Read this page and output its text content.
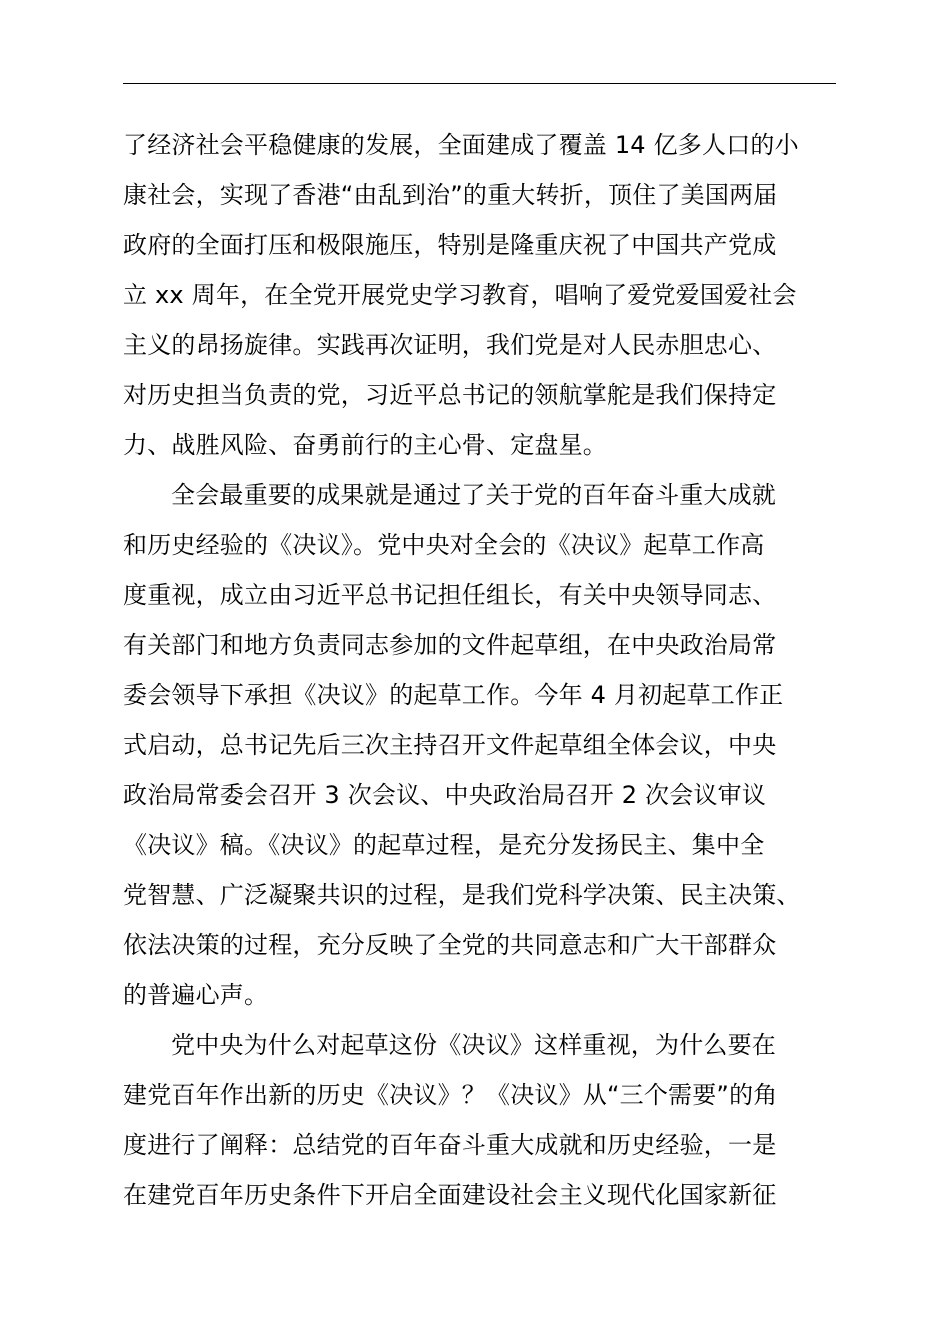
了经济社会平稳健康的发展，全面建成了覆盖 14 亿多人口的小
康社会，实现了香港“由乱到治”的重大转折，顶住了美国两届
政府的全面打压和极限施压，特别是隆重庆祝了中国共产党成
立 xx 周年，在全党开展党史学习教育，唱响了爱党爱国爱社会
主义的昂扬旋律。实践再次证明，我们党是对人民赤胆忠心、
对历史担当负责的党，习近平总书记的领航掌舵是我们保持定
力、战胜风险、奋勇前行的主心骨、定盘星。
全会最重要的成果就是通过了关于党的百年奋斗重大成就
和历史经验的《决议》。党中央对全会的《决议》起草工作高
度重视，成立由习近平总书记担任组长，有关中央领导同志、
有关部门和地方负责同志参加的文件起草组，在中央政治局常
委会领导下承担《决议》的起草工作。今年 4 月初起草工作正
式启动，总书记先后三次主持召开文件起草组全体会议，中央
政治局常委会召开 3 次会议、中央政治局召开 2 次会议审议
《决议》稿。《决议》的起草过程，是充分发扬民主、集中全
党智慧、广泛凝聚共识的过程，是我们党科学决策、民主决策、
依法决策的过程，充分反映了全党的共同意志和广大干部群众
的普遍心声。
党中央为什么对起草这份《决议》这样重视，为什么要在
建党百年作出新的历史《决议》？《决议》从“三个需要”的角
度进行了阐释：总结党的百年奋斗重大成就和历史经验，一是
在建党百年历史条件下开启全面建设社会主义现代化国家新征
